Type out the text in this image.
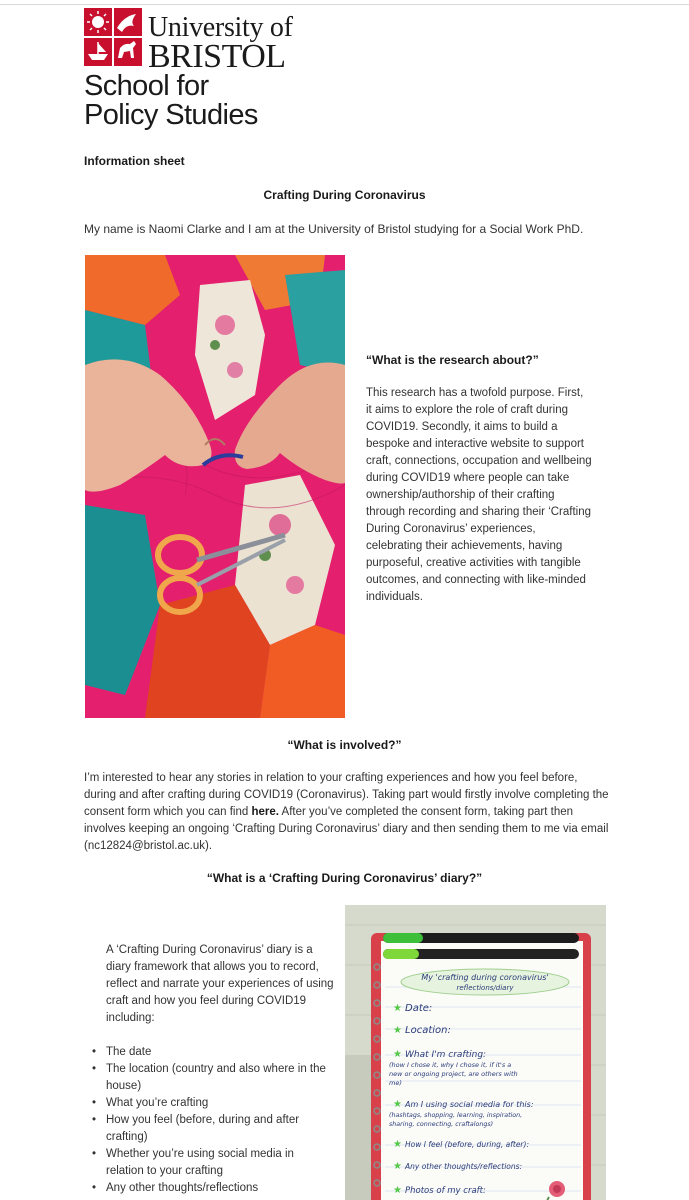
University of
BRISTOL
School for
Policy Studies
Information sheet
Crafting During Coronavirus
My name is Naomi Clarke and I am at the University of Bristol studying for a Social Work PhD.
“What is the research about?”
This research has a twofold purpose. First, it aims to explore the role of craft during COVID19. Secondly, it aims to build a bespoke and interactive website to support craft, connections, occupation and wellbeing during COVID19 where people can take ownership/authorship of their crafting through recording and sharing their ‘Crafting During Coronavirus’ experiences, celebrating their achievements, having purposeful, creative activities with tangible outcomes, and connecting with like-minded individuals.
“What is involved?”
I’m interested to hear any stories in relation to your crafting experiences and how you feel before, during and after crafting during COVID19 (Coronavirus). Taking part would firstly involve completing the consent form which you can find here. After you’ve completed the consent form, taking part then involves keeping an ongoing ‘Crafting During Coronavirus’ diary and then sending them to me via email (nc12824@bristol.ac.uk).
“What is a ‘Crafting During Coronavirus’ diary?”
A ‘Crafting During Coronavirus’ diary is a diary framework that allows you to record, reflect and narrate your experiences of using craft and how you feel during COVID19 including:
• The date
• The location (country and also where in the house)
• What you’re crafting
• How you feel (before, during and after crafting)
• Whether you’re using social media in relation to your crafting
• Any other thoughts/reflections
My 'crafting during coronavirus'
reflections/diary
★
★
★
★
★
★
★
Date:
Location:
What I'm crafting:
(how I chose it, why I chose it, if it's a
new or ongoing project, are others with
me)
Am I using social media for this:
(hashtags, shopping, learning, inspiration,
sharing, connecting, craftalongs)
How I feel (before, during, after):
Any other thoughts/reflections:
Photos of my craft:
